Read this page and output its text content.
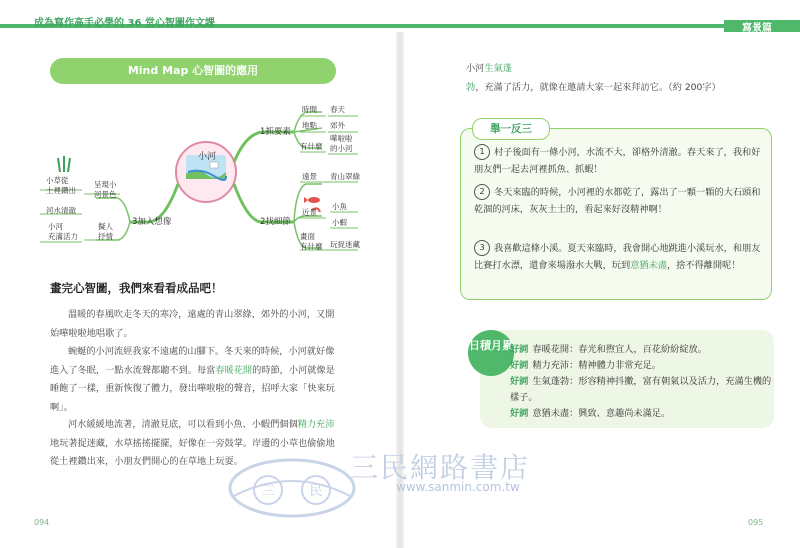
成為寫作高手必學的 36 堂心智圖作文課	寫景篇
Mind Map 心智圖的應用
小河
1抓要素
時間 春天
地點 郊外
有什麼
嘩啦啦
的小河
2找細節
遠景 青山翠綠
近景
小魚
小蝦
畫面
有什麼 玩捉迷藏
3加入想像
呈現小
河景色
小草從
土裡鑽出
河水清澈
擬人
抒情
小河
充滿活力
畫完心智圖，我們來看看成品吧！
溫暖的春風吹走冬天的寒冷，遠處的青山翠綠，郊外的小河，又開始嘩啦啦地唱歌了。
蜿蜒的小河流經我家不遠處的山腳下。冬天來的時候，小河就好像進入了冬眠，一點水流聲都聽不到。每當春暖花開的時節，小河就像是睡飽了一樣，重新恢復了體力，發出嘩啦啦的聲音，招呼大家「快來玩啊」。
河水緩緩地流著，清澈見底，可以看到小魚、小蝦們個個精力充沛地玩著捉迷藏，水草搖搖擺擺，好像在一旁鼓掌。岸邊的小草也偷偷地從土裡鑽出來，小朋友們開心的在草地上玩耍。
094
小河生氣蓬勃，充滿了活力，就像在邀請大家一起來拜訪它。（約 200字）
舉一反三
1 村子後面有一條小河，水流不大，卻格外清澈。春天來了，我和好朋友們一起去河裡抓魚、抓蝦！
2 冬天來臨的時候，小河裡的水都乾了，露出了一顆一顆的大石頭和乾涸的河床，灰灰土土的，看起來好沒精神啊！
3 我喜歡這條小溪。夏天來臨時，我會開心地跳進小溪玩水，和朋友比賽打水漂，還會來場潑水大戰，玩到意猶未盡，捨不得離開呢！
日積月累
好詞 春暖花開：春光和煦宜人，百花紛紛綻放。
好詞 精力充沛：精神體力非常充足。
好詞 生氣蓬勃：形容精神抖擻，富有朝氣以及活力，充滿生機的樣子。
好詞 意猶未盡：興致、意趣尚未滿足。
095
三	民
三民網路書店
www.sanmin.com.tw
